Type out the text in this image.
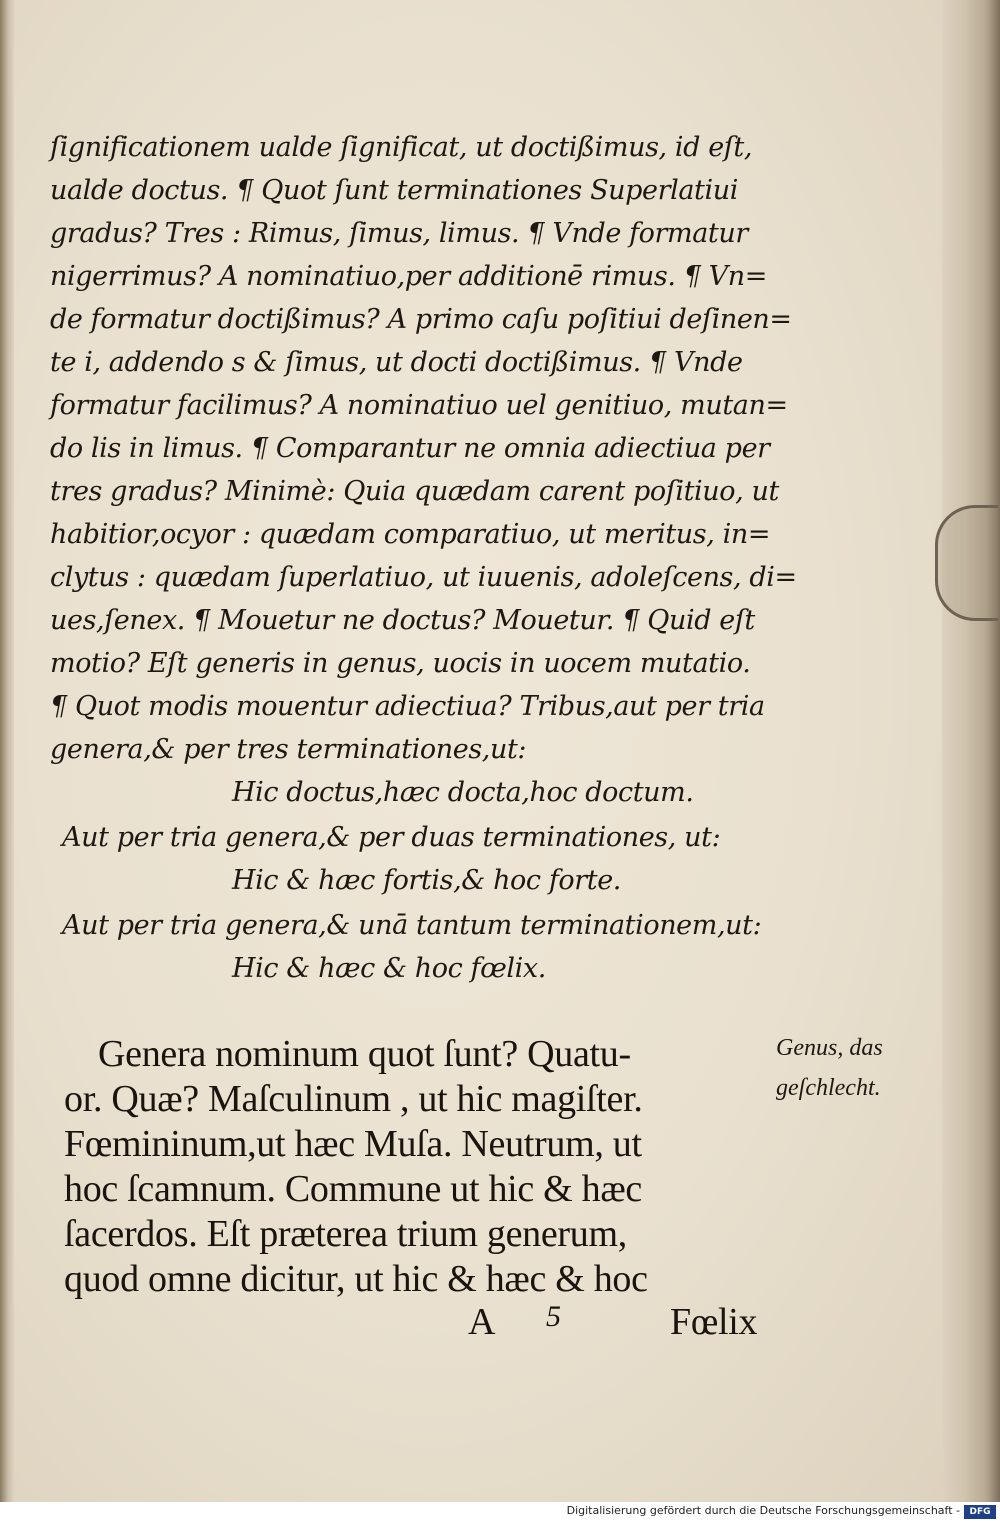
ſignificationem ualde ſignificat, ut doctißimus, id eſt,
ualde doctus. ¶ Quot ſunt terminationes Superlatiui
gradus? Tres : Rimus, ſimus, limus. ¶ Vnde formatur
nigerrimus? A nominatiuo,per additionē rimus. ¶ Vn=
de formatur doctißimus? A primo caſu poſitiui deſinen=
te i, addendo s & ſimus, ut docti doctißimus. ¶ Vnde
formatur facilimus? A nominatiuo uel genitiuo, mutan=
do lis in limus. ¶ Comparantur ne omnia adiectiua per
tres gradus? Minimè: Quia quædam carent poſitiuo, ut
habitior,ocyor : quædam comparatiuo, ut meritus, in=
clytus : quædam ſuperlatiuo, ut iuuenis, adoleſcens, di=
ues,ſenex. ¶ Mouetur ne doctus? Mouetur. ¶ Quid eſt
motio? Eſt generis in genus, uocis in uocem mutatio.
¶ Quot modis mouentur adiectiua? Tribus,aut per tria
genera,& per tres terminationes,ut:
Hic doctus,hæc docta,hoc doctum.
Aut per tria genera,& per duas terminationes, ut:
Hic & hæc fortis,& hoc forte.
Aut per tria genera,& unā tantum terminationem,ut:
Hic & hæc & hoc fœlix.
Genera nominum quot ſunt? Quatu-
or. Quæ? Maſculinum , ut hic magiſter.
Fœmininum,ut hæc Muſa. Neutrum, ut
hoc ſcamnum. Commune ut hic & hæc
ſacerdos. Eſt præterea trium generum,
quod omne dicitur, ut hic & hæc & hoc
A 5	Fœlix
Genus, das
geſchlecht.
Digitalisierung gefördert durch die Deutsche Forschungsgemeinschaft -	DFG
